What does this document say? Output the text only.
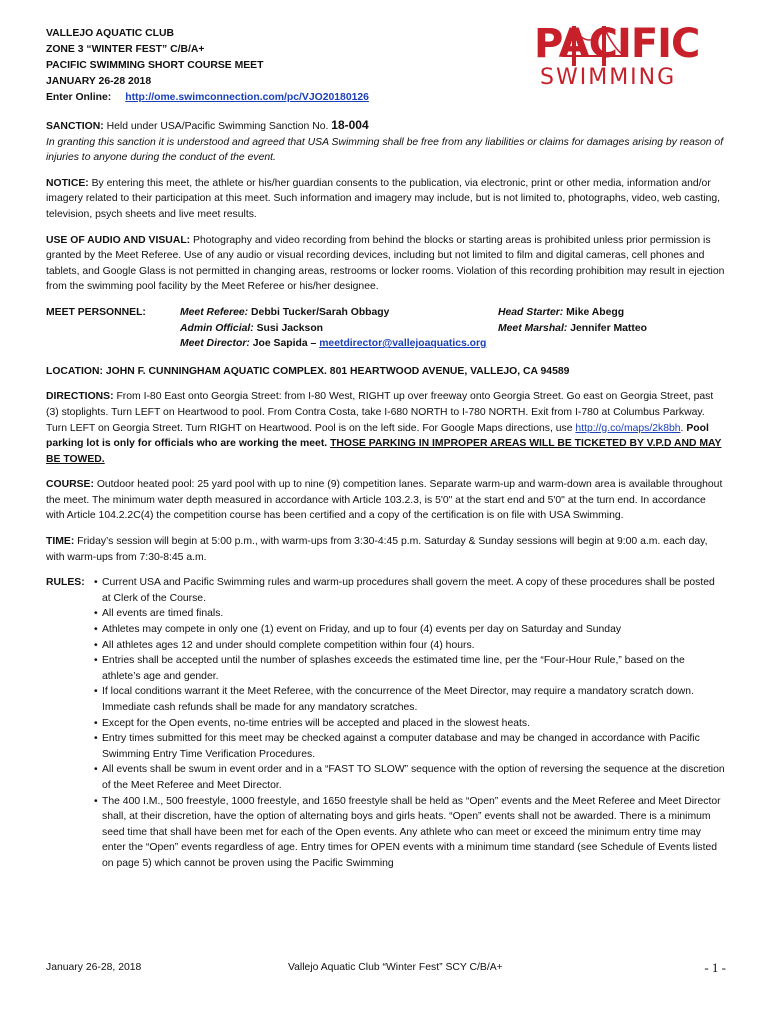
VALLEJO AQUATIC CLUB
ZONE 3 “WINTER FEST” C/B/A+
PACIFIC SWIMMING SHORT COURSE MEET
JANUARY 26-28 2018
Enter Online: http://ome.swimconnection.com/pc/VJO20180126
PACIFIC
SWIMMING

SANCTION: Held under USA/Pacific Swimming Sanction No. 18-004
In granting this sanction it is understood and agreed that USA Swimming shall be free from any liabilities or claims for damages arising by reason of injuries to anyone during the conduct of the event.

NOTICE: By entering this meet, the athlete or his/her guardian consents to the publication, via electronic, print or other media, information and/or imagery related to their participation at this meet. Such information and imagery may include, but is not limited to, photographs, video, web casting, television, psych sheets and live meet results.

USE OF AUDIO AND VISUAL: Photography and video recording from behind the blocks or starting areas is prohibited unless prior permission is granted by the Meet Referee. Use of any audio or visual recording devices, including but not limited to film and digital cameras, cell phones and tablets, and Google Glass is not permitted in changing areas, restrooms or locker rooms. Violation of this recording prohibition may result in ejection from the swimming pool facility by the Meet Referee or his/her designee.

MEET PERSONNEL:	Meet Referee: Debbi Tucker/Sarah Obbagy
Admin Official: Susi Jackson
Meet Director: Joe Sapida – meetdirector@vallejoaquatics.org
Head Starter: Mike Abegg
Meet Marshal: Jennifer Matteo

LOCATION: JOHN F. CUNNINGHAM AQUATIC COMPLEX. 801 HEARTWOOD AVENUE, VALLEJO, CA 94589

DIRECTIONS: From I-80 East onto Georgia Street: from I-80 West, RIGHT up over freeway onto Georgia Street. Go east on Georgia Street, past (3) stoplights. Turn LEFT on Heartwood to pool. From Contra Costa, take I-680 NORTH to I-780 NORTH. Exit from I-780 at Columbus Parkway. Turn LEFT on Georgia Street. Turn RIGHT on Heartwood. Pool is on the left side. For Google Maps directions, use http://g.co/maps/2k8bh. Pool parking lot is only for officials who are working the meet. THOSE PARKING IN IMPROPER AREAS WILL BE TICKETED BY V.P.D AND MAY BE TOWED.

COURSE: Outdoor heated pool: 25 yard pool with up to nine (9) competition lanes. Separate warm-up and warm-down area is available throughout the meet. The minimum water depth measured in accordance with Article 103.2.3, is 5'0" at the start end and 5'0" at the turn end. In accordance with Article 104.2.2C(4) the competition course has been certified and a copy of the certification is on file with USA Swimming.

TIME: Friday’s session will begin at 5:00 p.m., with warm-ups from 3:30-4:45 p.m. Saturday & Sunday sessions will begin at 9:00 a.m. each day, with warm-ups from 7:30-8:45 a.m.

RULES:
•	Current USA and Pacific Swimming rules and warm-up procedures shall govern the meet. A copy of these procedures shall be posted at Clerk of the Course.
• All events are timed finals.
• Athletes may compete in only one (1) event on Friday, and up to four (4) events per day on Saturday and Sunday
• All athletes ages 12 and under should complete competition within four (4) hours.
• Entries shall be accepted until the number of splashes exceeds the estimated time line, per the “Four-Hour Rule,” based on the athlete’s age and gender.
• If local conditions warrant it the Meet Referee, with the concurrence of the Meet Director, may require a mandatory scratch down. Immediate cash refunds shall be made for any mandatory scratches.
• Except for the Open events, no-time entries will be accepted and placed in the slowest heats.
• Entry times submitted for this meet may be checked against a computer database and may be changed in accordance with Pacific Swimming Entry Time Verification Procedures.
• All events shall be swum in event order and in a “FAST TO SLOW” sequence with the option of reversing the sequence at the discretion of the Meet Referee and Meet Director.
• The 400 I.M., 500 freestyle, 1000 freestyle, and 1650 freestyle shall be held as “Open” events and the Meet Referee and Meet Director shall, at their discretion, have the option of alternating boys and girls heats. “Open” events shall not be awarded. There is a minimum seed time that shall have been met for each of the Open events. Any athlete who can meet or exceed the minimum entry time may enter the “Open” events regardless of age. Entry times for OPEN events with a minimum time standard (see Schedule of Events listed on page 5) which cannot be proven using the Pacific Swimming
January 26-28, 2018	Vallejo Aquatic Club “Winter Fest” SCY C/B/A+	- 1 -
